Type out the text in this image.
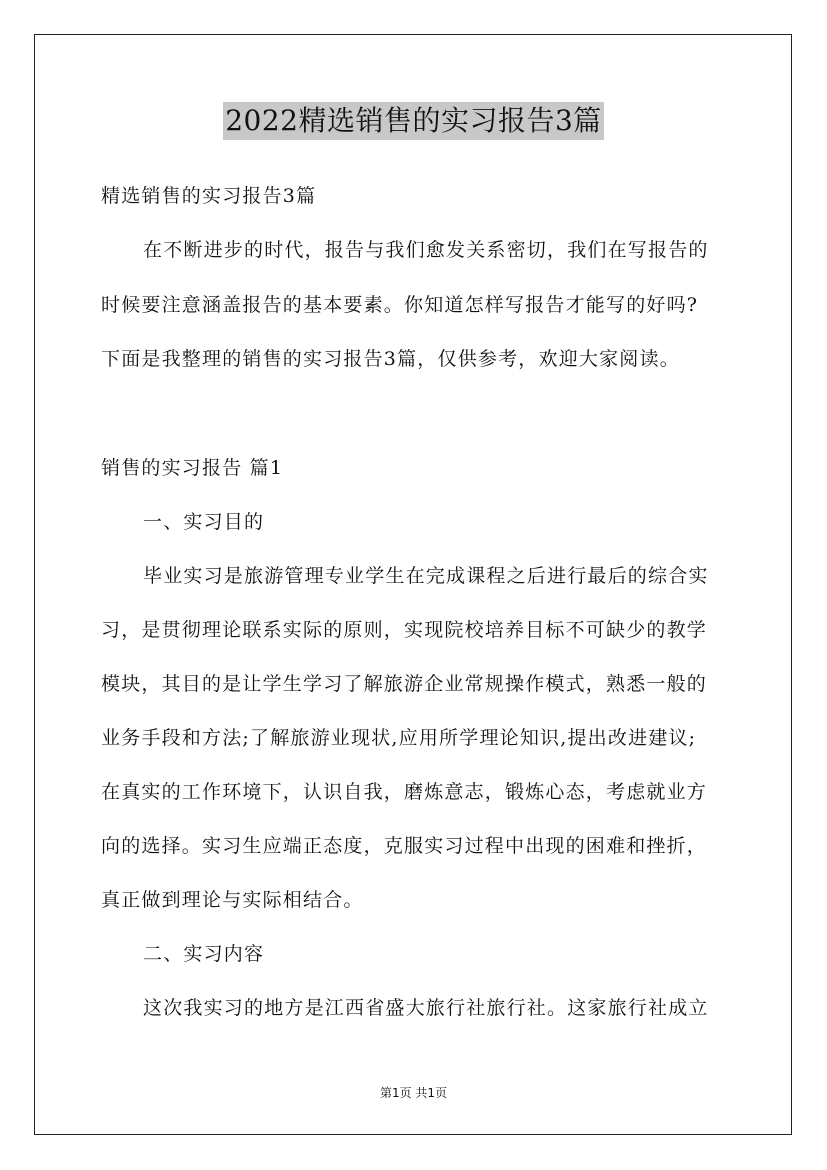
2022精选销售的实习报告3篇
精选销售的实习报告3篇
在不断进步的时代，报告与我们愈发关系密切，我们在写报告的
时候要注意涵盖报告的基本要素。你知道怎样写报告才能写的好吗?
下面是我整理的销售的实习报告3篇，仅供参考，欢迎大家阅读。
销售的实习报告 篇1
一、实习目的
毕业实习是旅游管理专业学生在完成课程之后进行最后的综合实
习，是贯彻理论联系实际的原则，实现院校培养目标不可缺少的教学
模块，其目的是让学生学习了解旅游企业常规操作模式，熟悉一般的
业务手段和方法;了解旅游业现状,应用所学理论知识,提出改进建议;
在真实的工作环境下，认识自我，磨炼意志，锻炼心态，考虑就业方
向的选择。实习生应端正态度，克服实习过程中出现的困难和挫折，
真正做到理论与实际相结合。
二、实习内容
这次我实习的地方是江西省盛大旅行社旅行社。这家旅行社成立
第1页 共1页
